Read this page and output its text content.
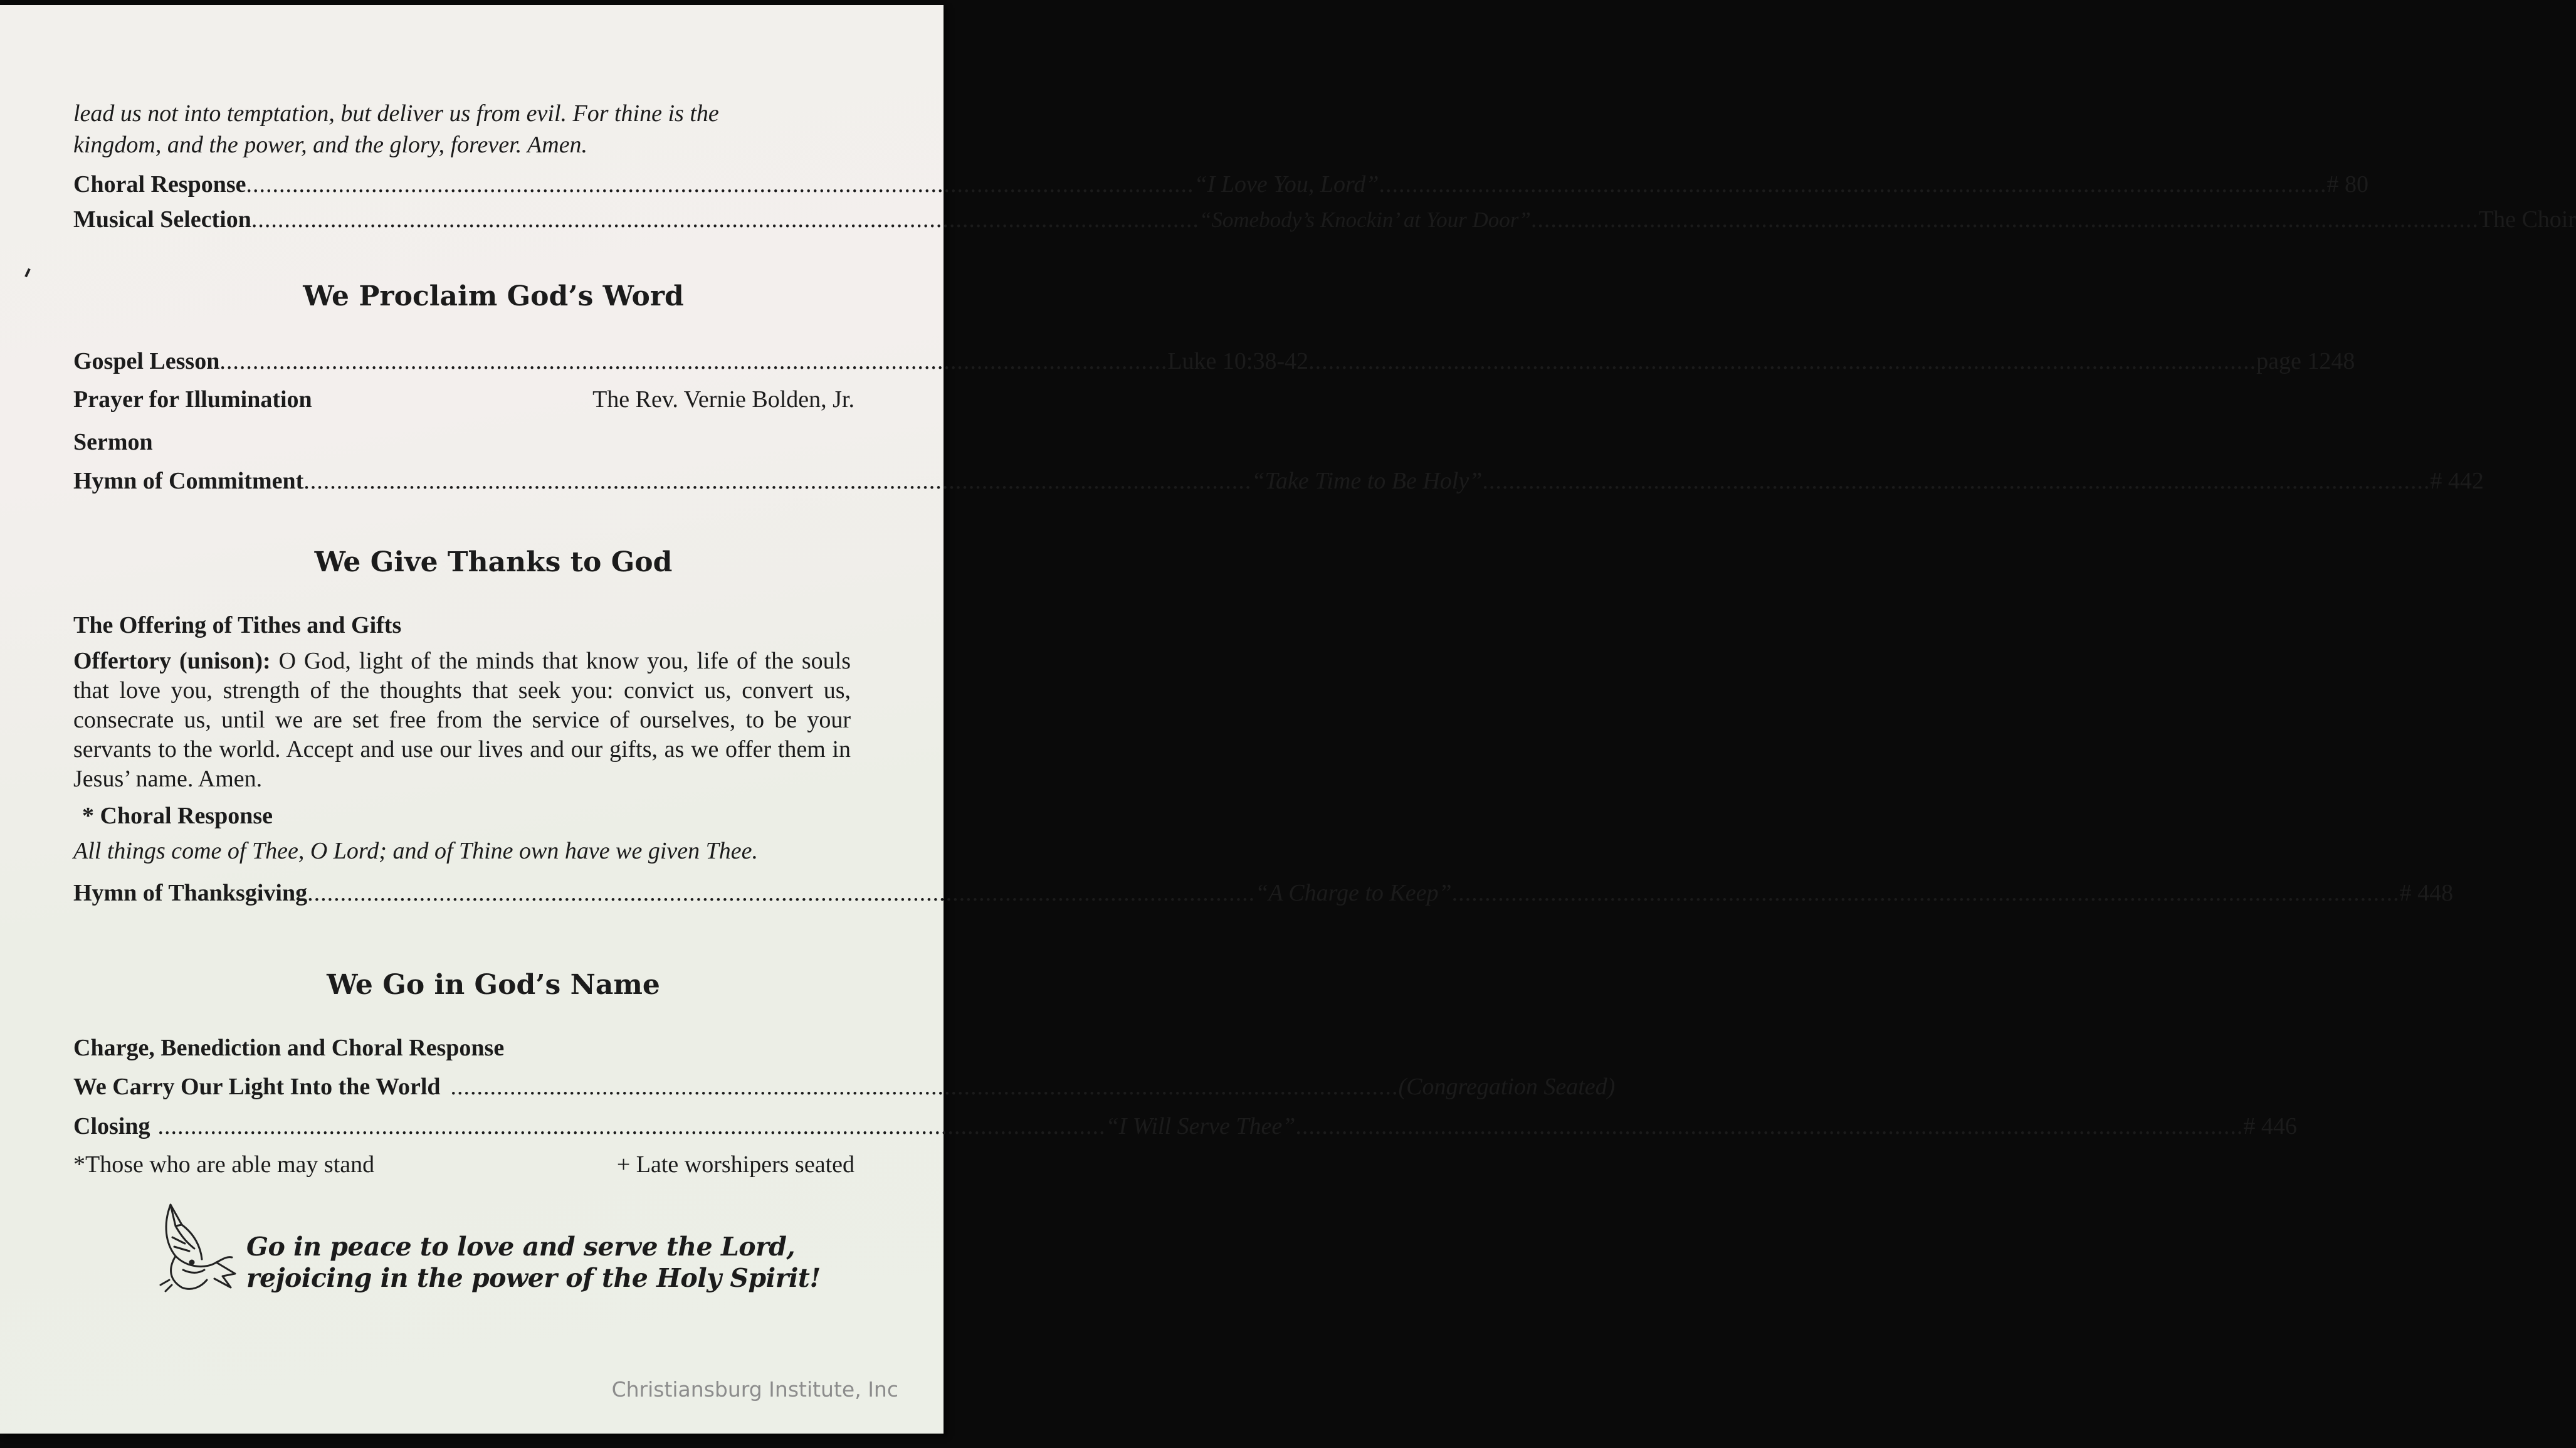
lead us not into temptation, but deliver us from evil. For thine is the
kingdom, and the power, and the glory, forever. Amen.
Choral Response ................................................................................................................................................ “I Love You, Lord” ................................................................................................................................................ # 80
Musical Selection ................................................................................................................................................ “Somebody’s Knockin’ at Your Door” ................................................................................................................................................ The Choir
We Proclaim God’s Word
Gospel Lesson ................................................................................................................................................ Luke 10:38-42 ................................................................................................................................................ page 1248
Prayer for Illumination	The Rev. Vernie Bolden, Jr.
Sermon
Hymn of Commitment ................................................................................................................................................ “Take Time to Be Holy” ................................................................................................................................................ # 442
We Give Thanks to God
The Offering of Tithes and Gifts
Offertory (unison): O God, light of the minds that know you, life of the souls that love you, strength of the thoughts that seek you: convict us, convert us, consecrate us, until we are set free from the service of ourselves, to be your servants to the world. Accept and use our lives and our gifts, as we offer them in Jesus’ name. Amen.
* Choral Response
All things come of Thee, O Lord; and of Thine own have we given Thee.
Hymn of Thanksgiving ................................................................................................................................................ “A Charge to Keep” ................................................................................................................................................ # 448
We Go in God’s Name
Charge, Benediction and Choral Response
We Carry Our Light Into the World ................................................................................................................................................ (Congregation Seated)
Closing ................................................................................................................................................ “I Will Serve Thee” ................................................................................................................................................ # 446
*Those who are able may stand	+ Late worshipers seated
Go in peace to love and serve the Lord,
rejoicing in the power of the Holy Spirit!
Christiansburg Institute, Inc
